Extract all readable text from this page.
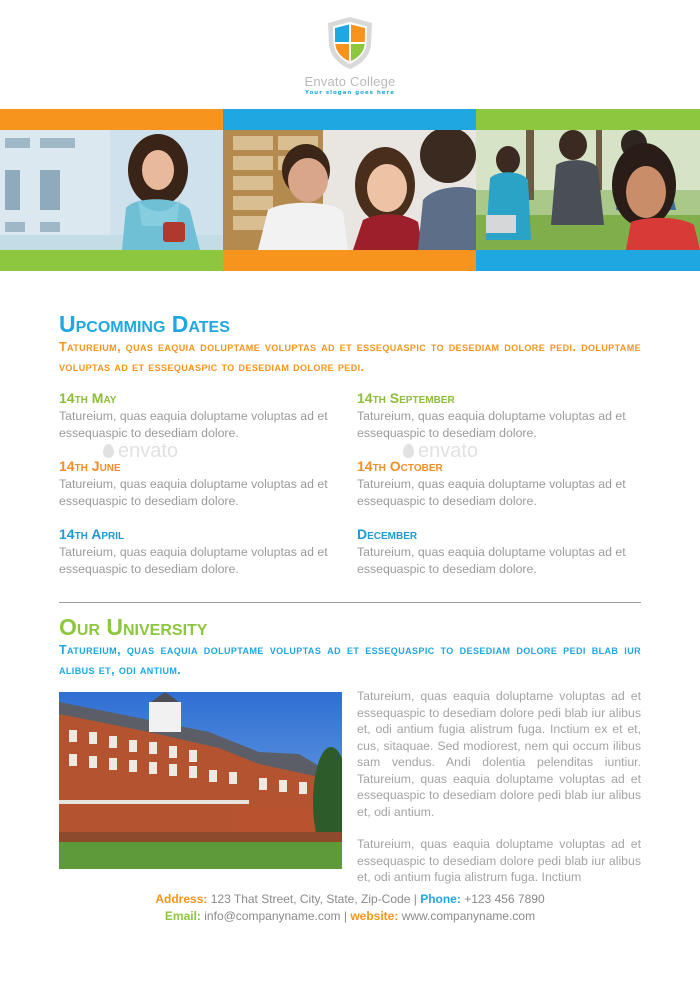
Envato College
Your slogan goes here
Upcomming Dates

Tatureium, quas eaquia doluptame voluptas ad et essequaspic to desediam dolore pedi. doluptame voluptas ad et essequaspic to desediam dolore pedi.

14th May
Tatureium, quas eaquia doluptame voluptas ad et essequaspic to desediam dolore.
14th June
Tatureium, quas eaquia doluptame voluptas ad et essequaspic to desediam dolore.
14th April
Tatureium, quas eaquia doluptame voluptas ad et essequaspic to desediam dolore.
14th September
Tatureium, quas eaquia doluptame voluptas ad et essequaspic to desediam dolore.
14th October
Tatureium, quas eaquia doluptame voluptas ad et essequaspic to desediam dolore.
December
Tatureium, quas eaquia doluptame voluptas ad et essequaspic to desediam dolore.
envato	envato
Our University

Tatureium, quas eaquia doluptame voluptas ad et essequaspic to desediam dolore pedi blab iur alibus et, odi antium.

Tatureium, quas eaquia doluptame voluptas ad et essequaspic to desediam dolore pedi blab iur alibus et, odi antium fugia alistrum fuga. Inctium ex et et, cus, sitaquae. Sed modiorest, nem qui occum ilibus sam vendus. Andi dolentia pelenditas iuntiur. Tatureium, quas eaquia doluptame voluptas ad et essequaspic to desediam dolore pedi blab iur alibus et, odi antium.

Tatureium, quas eaquia doluptame voluptas ad et essequaspic to desediam dolore pedi blab iur alibus et, odi antium fugia alistrum fuga. Inctium

Address: 123 That Street, City, State, Zip-Code | Phone: +123 456 7890
Email: info@companyname.com | website: www.companyname.com
